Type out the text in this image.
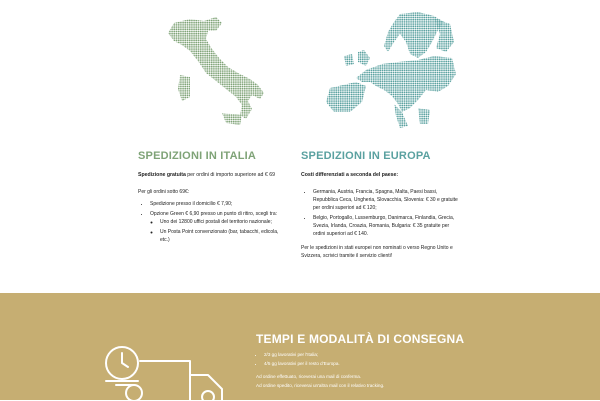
SPEDIZIONI IN ITALIA
Spedizione gratuita per ordini di importo superiore ad € 69

Per gli ordini sotto 69€:

• Spedizione presso il domicilio € 7,90;
• Opzione Green € 6,90 presso un punto di ritiro, scegli tra:
◦ Uno dei 12800 uffici postali del territorio nazionale;
◦ Un Posta Point convenzionato (bar, tabacchi, edicola, etc.)
SPEDIZIONI IN EUROPA
Costi differenziati a seconda del paese:
• Germania, Austria, Francia, Spagna, Malta, Paesi bassi, Repubblica Ceca, Ungheria, Slovacchia, Slovenia: € 30 e gratuite per ordini superiori ad € 120;
• Belgio, Portogallo, Lussemburgo, Danimarca, Finlandia, Grecia, Svezia, Irlanda, Croazia, Romania, Bulgaria: € 35 gratuite per ordini superiori ad € 140.

Per le spedizioni in stati europei non nominati o verso Regno Unito e Svizzera, scrivici tramite il servizio clienti!

TEMPI E MODALITÀ DI CONSEGNA
• 2/3 gg lavorativi per l'Italia;
• 4/5 gg lavorativi per il resto d'Europa.

Ad ordine effettuato, riceverai una mail di conferma.

Ad ordine spedito, riceverai un'altra mail con il relativo tracking.
